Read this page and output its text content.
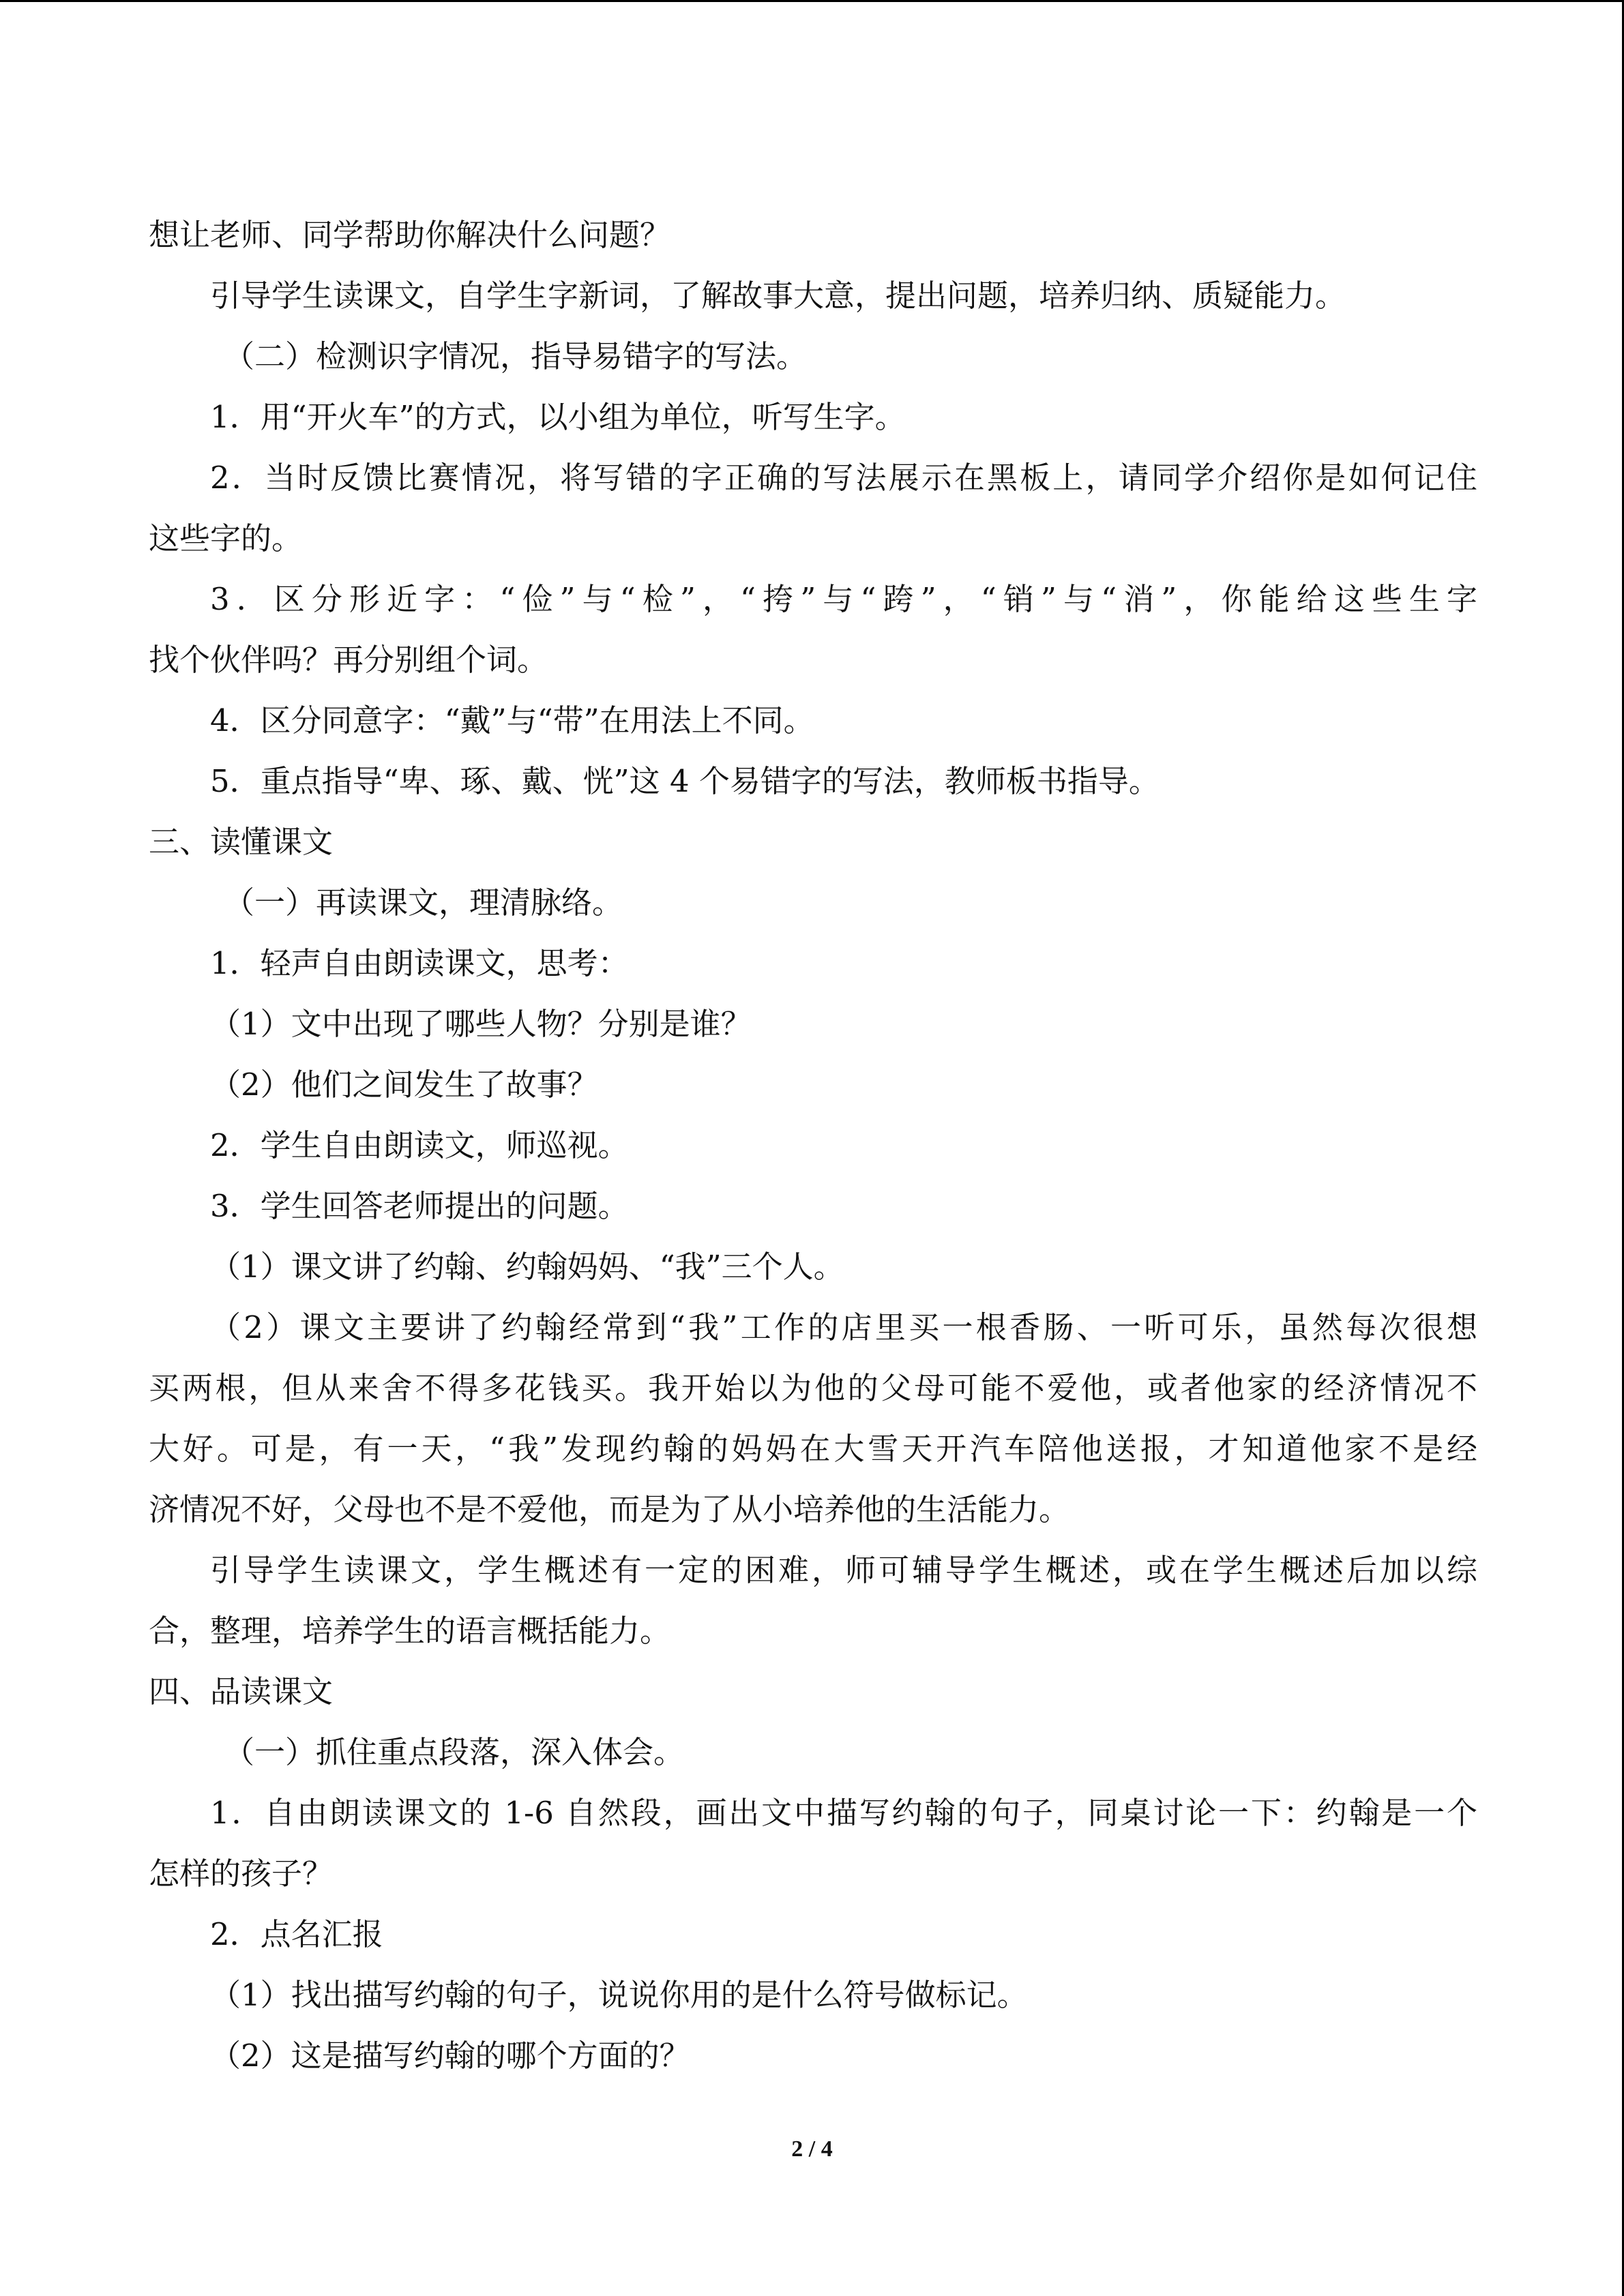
想让老师、同学帮助你解决什么问题？
引导学生读课文，自学生字新词，了解故事大意，提出问题，培养归纳、质疑能力。
（二）检测识字情况，指导易错字的写法。
1．用“开火车”的方式，以小组为单位，听写生字。
2．当时反馈比赛情况，将写错的字正确的写法展示在黑板上，请同学介绍你是如何记住
这些字的。
3．区分形近字：“俭”与“检”，“挎”与“跨”，“销”与“消”，你能给这些生字
找个伙伴吗？再分别组个词。
4．区分同意字：“戴”与“带”在用法上不同。
5．重点指导“卑、琢、戴、恍”这 4 个易错字的写法，教师板书指导。
三、读懂课文
（一）再读课文，理清脉络。
1．轻声自由朗读课文，思考：
（1）文中出现了哪些人物？分别是谁？
（2）他们之间发生了故事？
2．学生自由朗读文，师巡视。
3．学生回答老师提出的问题。
（1）课文讲了约翰、约翰妈妈、“我”三个人。
（2）课文主要讲了约翰经常到“我”工作的店里买一根香肠、一听可乐，虽然每次很想
买两根，但从来舍不得多花钱买。我开始以为他的父母可能不爱他，或者他家的经济情况不
大好。可是，有一天，“我”发现约翰的妈妈在大雪天开汽车陪他送报，才知道他家不是经
济情况不好，父母也不是不爱他，而是为了从小培养他的生活能力。
引导学生读课文，学生概述有一定的困难，师可辅导学生概述，或在学生概述后加以综
合，整理，培养学生的语言概括能力。
四、品读课文
（一）抓住重点段落，深入体会。
1．自由朗读课文的 1-6 自然段，画出文中描写约翰的句子，同桌讨论一下：约翰是一个
怎样的孩子？
2．点名汇报
（1）找出描写约翰的句子，说说你用的是什么符号做标记。
（2）这是描写约翰的哪个方面的？
2 / 4
